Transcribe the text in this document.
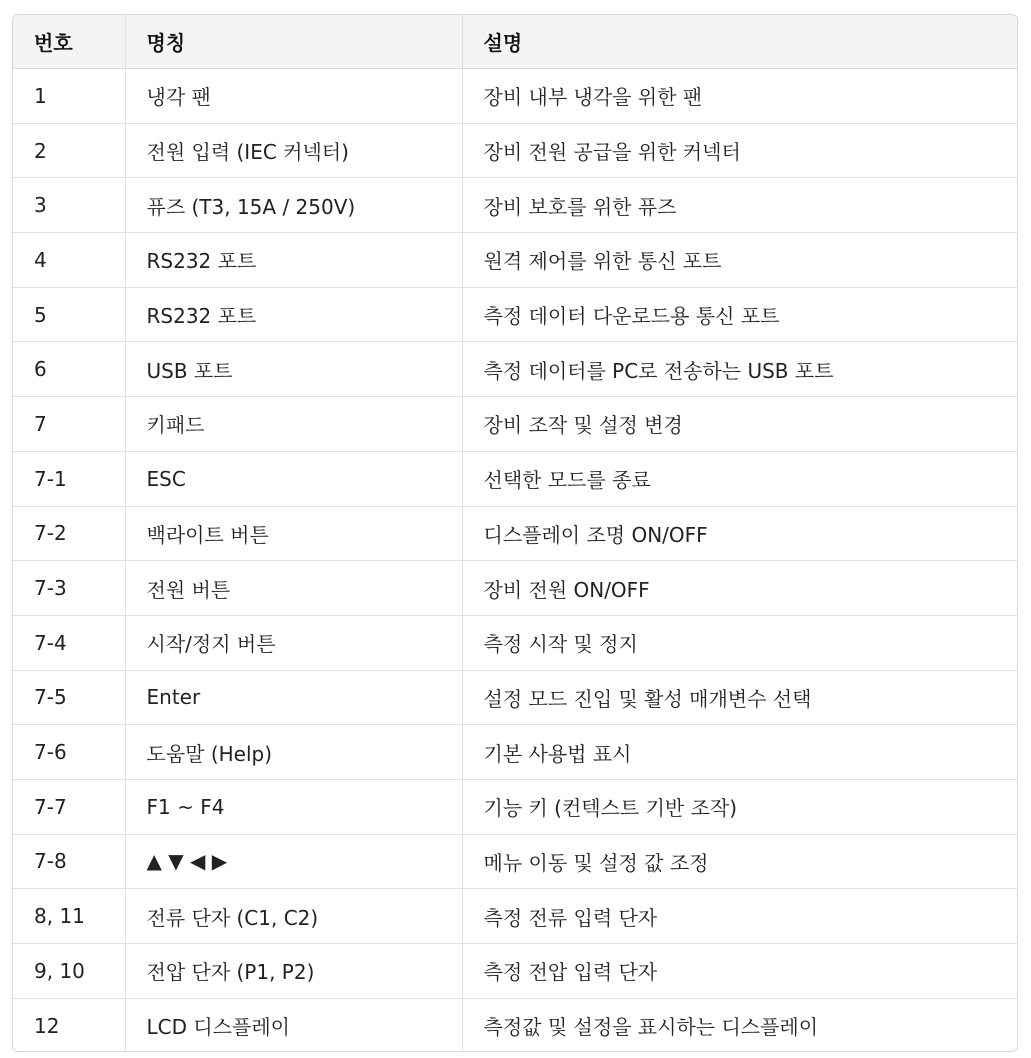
번호	명칭	설명
1	냉각 팬	장비 내부 냉각을 위한 팬
2	전원 입력 (IEC 커넥터)	장비 전원 공급을 위한 커넥터
3	퓨즈 (T3, 15A / 250V)	장비 보호를 위한 퓨즈
4	RS232 포트	원격 제어를 위한 통신 포트
5	RS232 포트	측정 데이터 다운로드용 통신 포트
6	USB 포트	측정 데이터를 PC로 전송하는 USB 포트
7	키패드	장비 조작 및 설정 변경
7-1	ESC	선택한 모드를 종료
7-2	백라이트 버튼	디스플레이 조명 ON/OFF
7-3	전원 버튼	장비 전원 ON/OFF
7-4	시작/정지 버튼	측정 시작 및 정지
7-5	Enter	설정 모드 진입 및 활성 매개변수 선택
7-6	도움말 (Help)	기본 사용법 표시
7-7	F1 ~ F4	기능 키 (컨텍스트 기반 조작)
7-8	▲ ▼ ◀ ▶	메뉴 이동 및 설정 값 조정
8, 11	전류 단자 (C1, C2)	측정 전류 입력 단자
9, 10	전압 단자 (P1, P2)	측정 전압 입력 단자
12	LCD 디스플레이	측정값 및 설정을 표시하는 디스플레이
